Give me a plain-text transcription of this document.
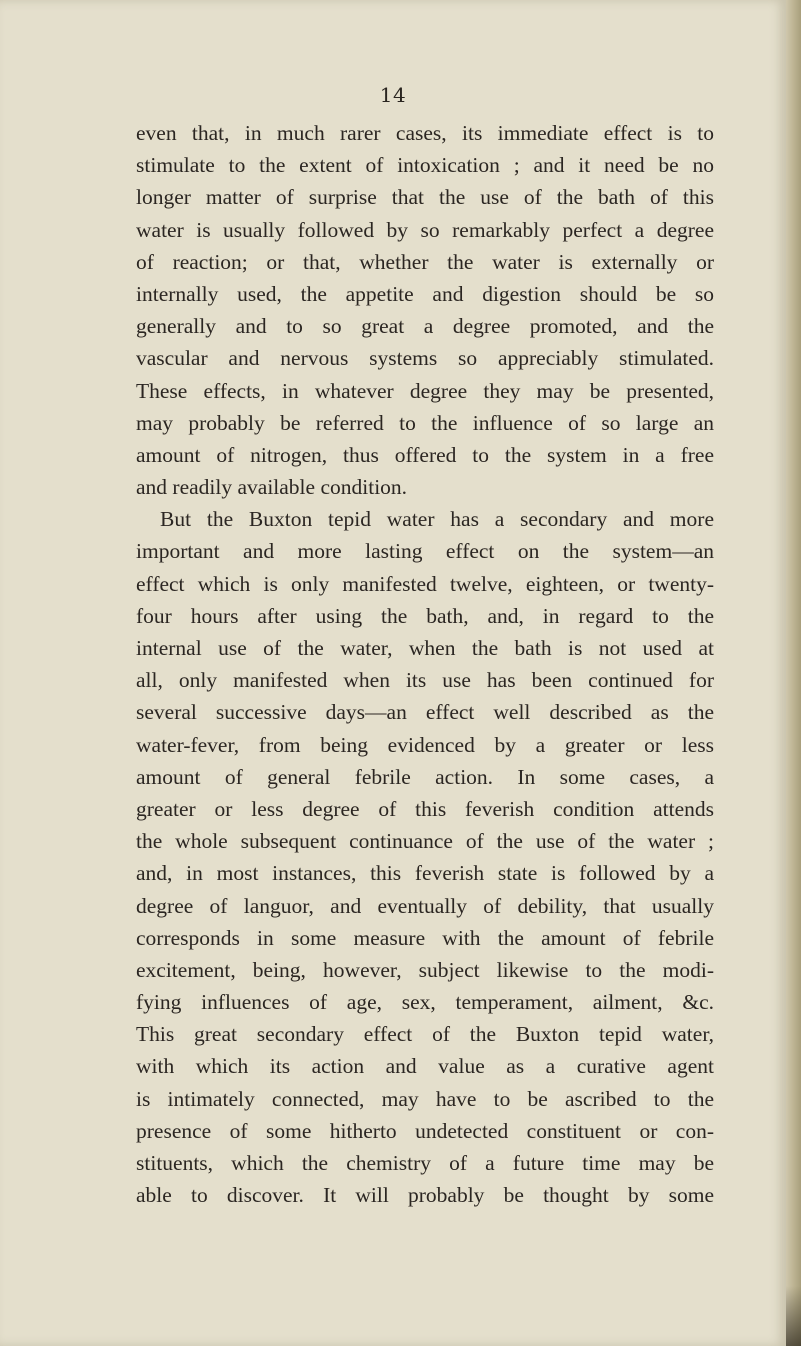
14
even that, in much rarer cases, its immediate effect is to
stimulate to the extent of intoxication ; and it need be no
longer matter of surprise that the use of the bath of this
water is usually followed by so remarkably perfect a degree
of reaction; or that, whether the water is externally or
internally used, the appetite and digestion should be so
generally and to so great a degree promoted, and the
vascular and nervous systems so appreciably stimulated.
These effects, in whatever degree they may be presented,
may probably be referred to the influence of so large an
amount of nitrogen, thus offered to the system in a free
and readily available condition.
But the Buxton tepid water has a secondary and more
important and more lasting effect on the system—an
effect which is only manifested twelve, eighteen, or twenty-
four hours after using the bath, and, in regard to the
internal use of the water, when the bath is not used at
all, only manifested when its use has been continued for
several successive days—an effect well described as the
water-fever, from being evidenced by a greater or less
amount of general febrile action. In some cases, a
greater or less degree of this feverish condition attends
the whole subsequent continuance of the use of the water ;
and, in most instances, this feverish state is followed by a
degree of languor, and eventually of debility, that usually
corresponds in some measure with the amount of febrile
excitement, being, however, subject likewise to the modi-
fying influences of age, sex, temperament, ailment, &c.
This great secondary effect of the Buxton tepid water,
with which its action and value as a curative agent
is intimately connected, may have to be ascribed to the
presence of some hitherto undetected constituent or con-
stituents, which the chemistry of a future time may be
able to discover. It will probably be thought by some
